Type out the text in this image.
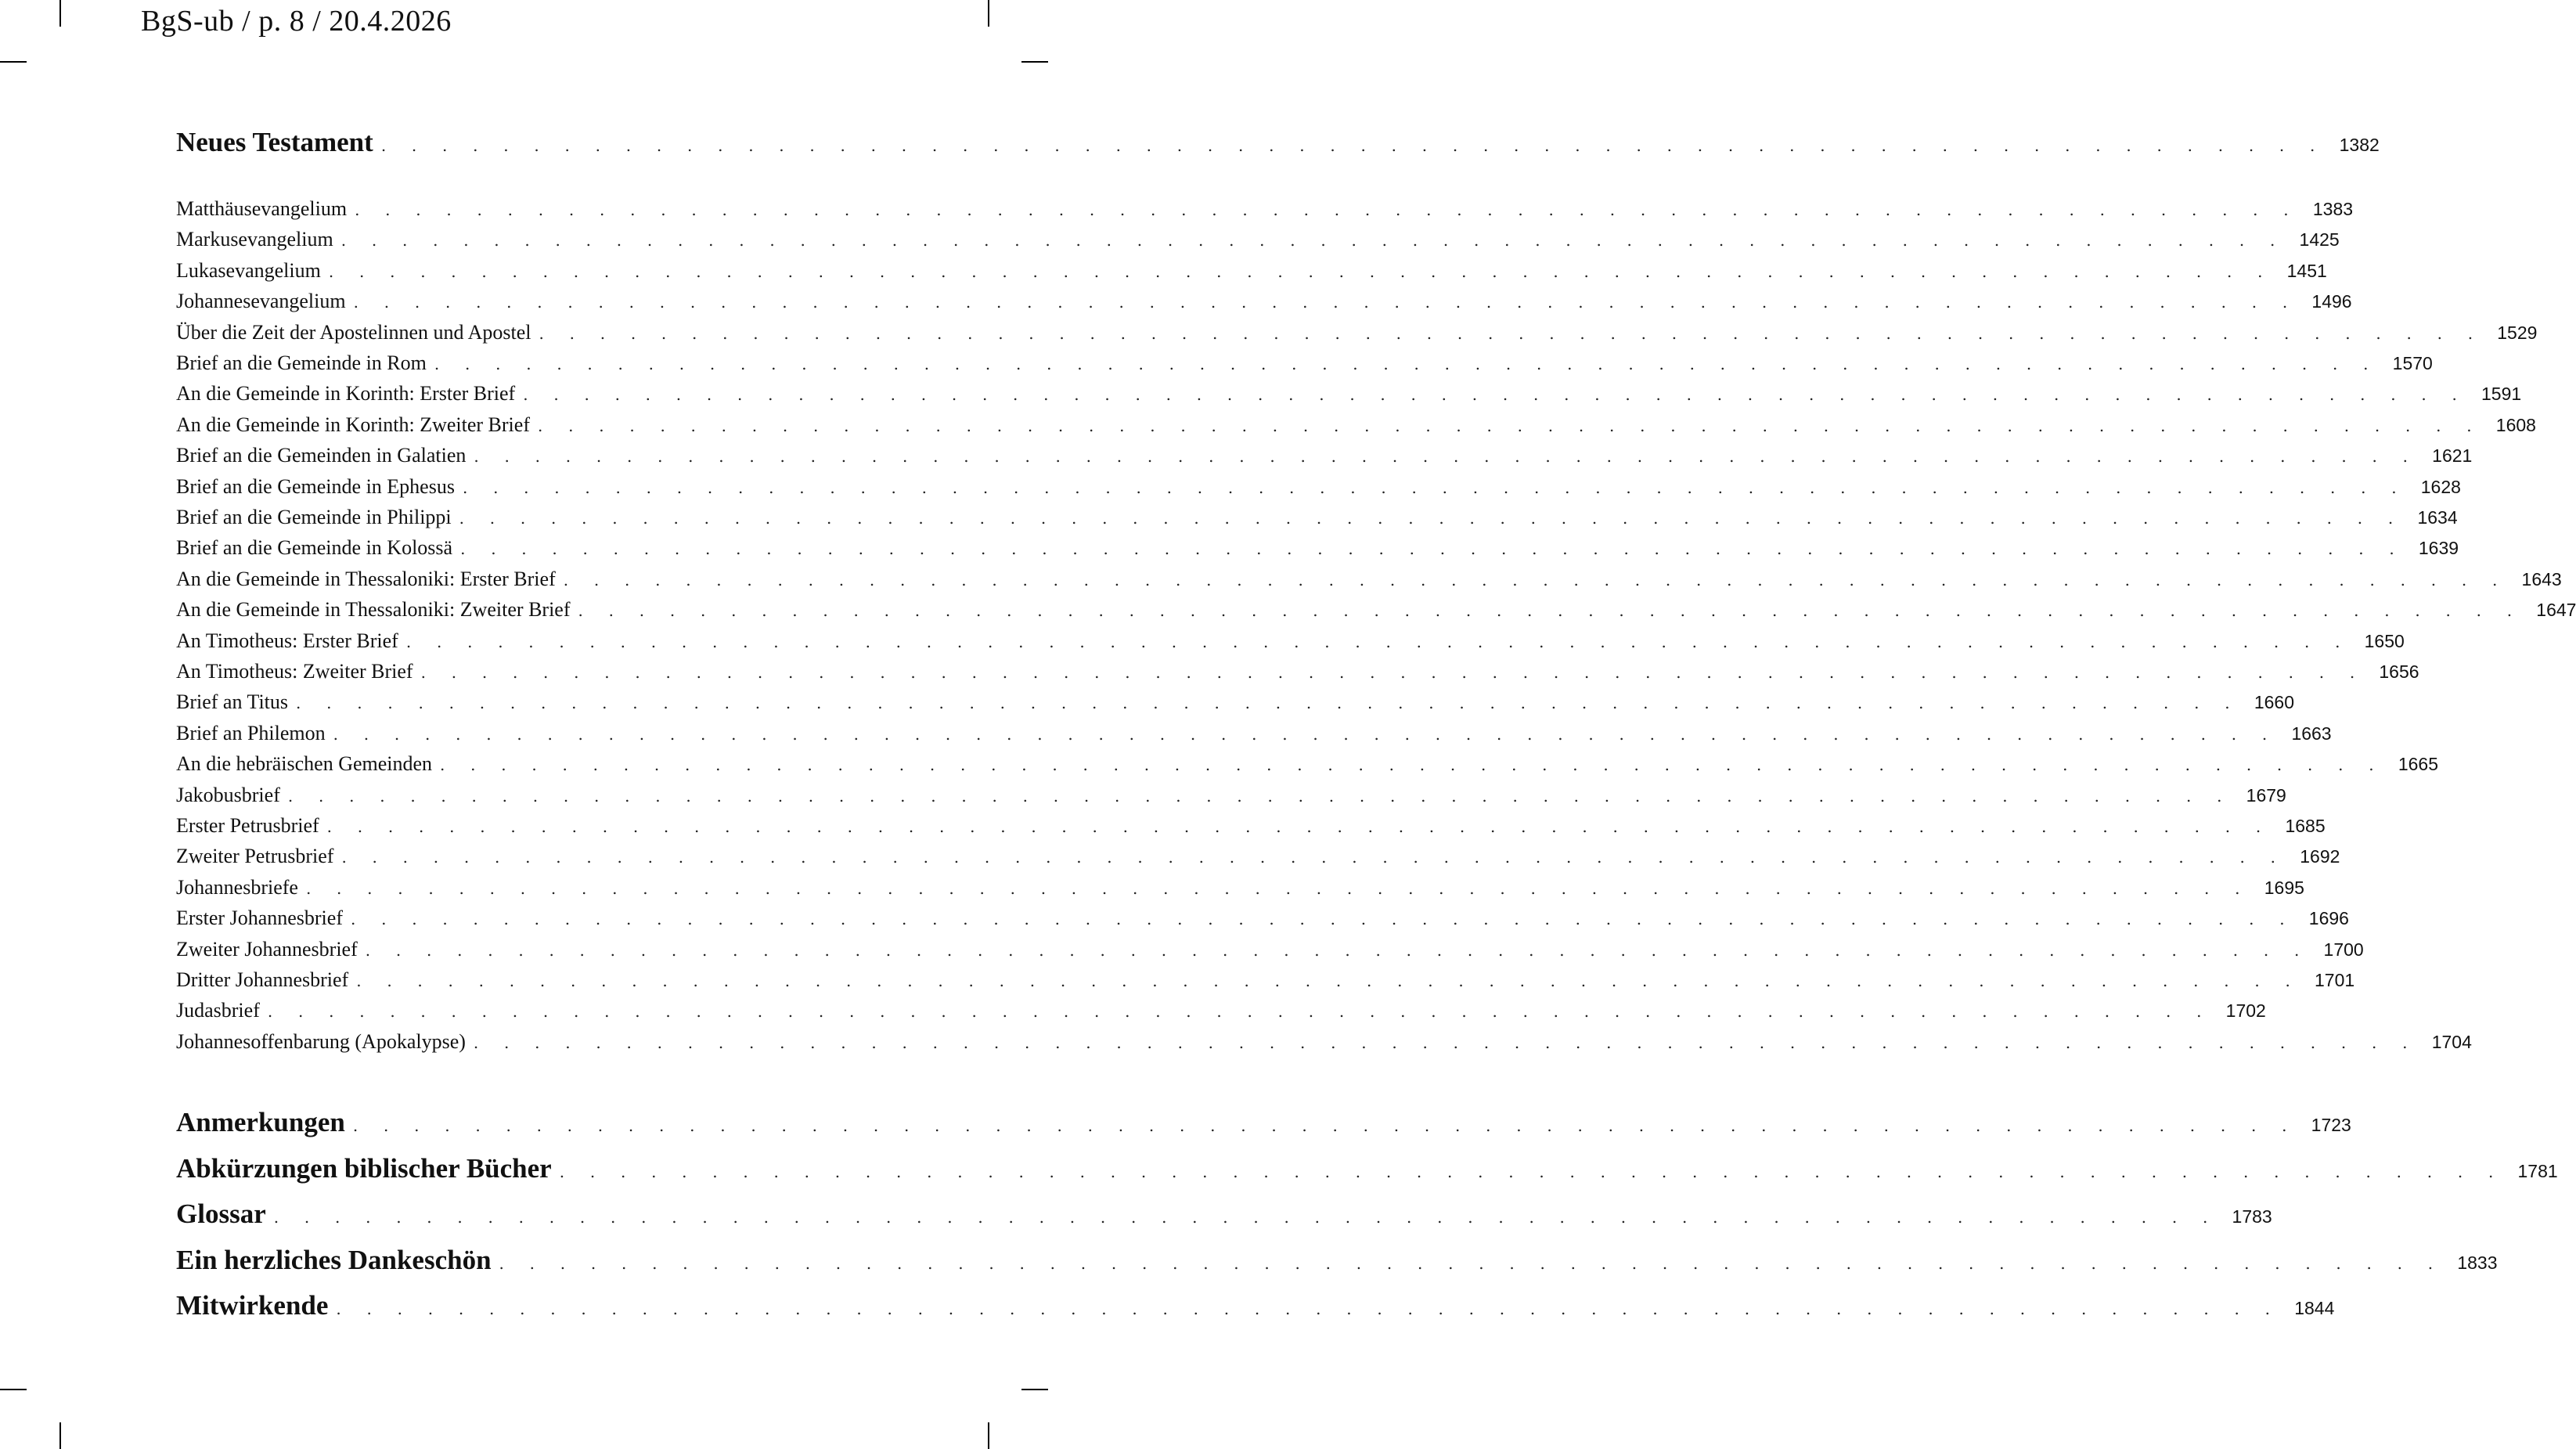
BgS-ub / p. 8 / 20.4.2026
Neues Testament . . . . . . . . . . . . . . . . . . . . . . . . . . . . . . . . . . . . . . . . . . . . . . . . . . . . . . . . . . . . . . . . 1382
Matthäusevangelium . . . . . . . . . . . . . . . . . . . . . . . . . . . . . . . . . . . . . . . . . . . . . . . . . . . . . . . . . . . . . . . . 1383
Markusevangelium . . . . . . . . . . . . . . . . . . . . . . . . . . . . . . . . . . . . . . . . . . . . . . . . . . . . . . . . . . . . . . . . 1425
Lukasevangelium . . . . . . . . . . . . . . . . . . . . . . . . . . . . . . . . . . . . . . . . . . . . . . . . . . . . . . . . . . . . . . . . 1451
Johannesevangelium . . . . . . . . . . . . . . . . . . . . . . . . . . . . . . . . . . . . . . . . . . . . . . . . . . . . . . . . . . . . . . . . 1496
Über die Zeit der Apostelinnen und Apostel . . . . . . . . . . . . . . . . . . . . . . . . . . . . . . . . . . . . . . . . . . . . . . . . . . . . . . . . . . . . . . . . 1529
Brief an die Gemeinde in Rom . . . . . . . . . . . . . . . . . . . . . . . . . . . . . . . . . . . . . . . . . . . . . . . . . . . . . . . . . . . . . . . . 1570
An die Gemeinde in Korinth: Erster Brief . . . . . . . . . . . . . . . . . . . . . . . . . . . . . . . . . . . . . . . . . . . . . . . . . . . . . . . . . . . . . . . . 1591
An die Gemeinde in Korinth: Zweiter Brief . . . . . . . . . . . . . . . . . . . . . . . . . . . . . . . . . . . . . . . . . . . . . . . . . . . . . . . . . . . . . . . . 1608
Brief an die Gemeinden in Galatien . . . . . . . . . . . . . . . . . . . . . . . . . . . . . . . . . . . . . . . . . . . . . . . . . . . . . . . . . . . . . . . . 1621
Brief an die Gemeinde in Ephesus . . . . . . . . . . . . . . . . . . . . . . . . . . . . . . . . . . . . . . . . . . . . . . . . . . . . . . . . . . . . . . . . 1628
Brief an die Gemeinde in Philippi . . . . . . . . . . . . . . . . . . . . . . . . . . . . . . . . . . . . . . . . . . . . . . . . . . . . . . . . . . . . . . . . 1634
Brief an die Gemeinde in Kolossä . . . . . . . . . . . . . . . . . . . . . . . . . . . . . . . . . . . . . . . . . . . . . . . . . . . . . . . . . . . . . . . . 1639
An die Gemeinde in Thessaloniki: Erster Brief . . . . . . . . . . . . . . . . . . . . . . . . . . . . . . . . . . . . . . . . . . . . . . . . . . . . . . . . . . . . . . . . 1643
An die Gemeinde in Thessaloniki: Zweiter Brief . . . . . . . . . . . . . . . . . . . . . . . . . . . . . . . . . . . . . . . . . . . . . . . . . . . . . . . . . . . . . . . . 1647
An Timotheus: Erster Brief . . . . . . . . . . . . . . . . . . . . . . . . . . . . . . . . . . . . . . . . . . . . . . . . . . . . . . . . . . . . . . . . 1650
An Timotheus: Zweiter Brief . . . . . . . . . . . . . . . . . . . . . . . . . . . . . . . . . . . . . . . . . . . . . . . . . . . . . . . . . . . . . . . . 1656
Brief an Titus . . . . . . . . . . . . . . . . . . . . . . . . . . . . . . . . . . . . . . . . . . . . . . . . . . . . . . . . . . . . . . . . 1660
Brief an Philemon . . . . . . . . . . . . . . . . . . . . . . . . . . . . . . . . . . . . . . . . . . . . . . . . . . . . . . . . . . . . . . . . 1663
An die hebräischen Gemeinden . . . . . . . . . . . . . . . . . . . . . . . . . . . . . . . . . . . . . . . . . . . . . . . . . . . . . . . . . . . . . . . . 1665
Jakobusbrief . . . . . . . . . . . . . . . . . . . . . . . . . . . . . . . . . . . . . . . . . . . . . . . . . . . . . . . . . . . . . . . . 1679
Erster Petrusbrief . . . . . . . . . . . . . . . . . . . . . . . . . . . . . . . . . . . . . . . . . . . . . . . . . . . . . . . . . . . . . . . . 1685
Zweiter Petrusbrief . . . . . . . . . . . . . . . . . . . . . . . . . . . . . . . . . . . . . . . . . . . . . . . . . . . . . . . . . . . . . . . . 1692
Johannesbriefe . . . . . . . . . . . . . . . . . . . . . . . . . . . . . . . . . . . . . . . . . . . . . . . . . . . . . . . . . . . . . . . . 1695
Erster Johannesbrief . . . . . . . . . . . . . . . . . . . . . . . . . . . . . . . . . . . . . . . . . . . . . . . . . . . . . . . . . . . . . . . . 1696
Zweiter Johannesbrief . . . . . . . . . . . . . . . . . . . . . . . . . . . . . . . . . . . . . . . . . . . . . . . . . . . . . . . . . . . . . . . . 1700
Dritter Johannesbrief . . . . . . . . . . . . . . . . . . . . . . . . . . . . . . . . . . . . . . . . . . . . . . . . . . . . . . . . . . . . . . . . 1701
Judasbrief . . . . . . . . . . . . . . . . . . . . . . . . . . . . . . . . . . . . . . . . . . . . . . . . . . . . . . . . . . . . . . . . 1702
Johannesoffenbarung (Apokalypse) . . . . . . . . . . . . . . . . . . . . . . . . . . . . . . . . . . . . . . . . . . . . . . . . . . . . . . . . . . . . . . . . 1704
Anmerkungen . . . . . . . . . . . . . . . . . . . . . . . . . . . . . . . . . . . . . . . . . . . . . . . . . . . . . . . . . . . . . . . . 1723
Abkürzungen biblischer Bücher . . . . . . . . . . . . . . . . . . . . . . . . . . . . . . . . . . . . . . . . . . . . . . . . . . . . . . . . . . . . . . . . 1781
Glossar . . . . . . . . . . . . . . . . . . . . . . . . . . . . . . . . . . . . . . . . . . . . . . . . . . . . . . . . . . . . . . . . 1783
Ein herzliches Dankeschön . . . . . . . . . . . . . . . . . . . . . . . . . . . . . . . . . . . . . . . . . . . . . . . . . . . . . . . . . . . . . . . . 1833
Mitwirkende . . . . . . . . . . . . . . . . . . . . . . . . . . . . . . . . . . . . . . . . . . . . . . . . . . . . . . . . . . . . . . . . 1844
